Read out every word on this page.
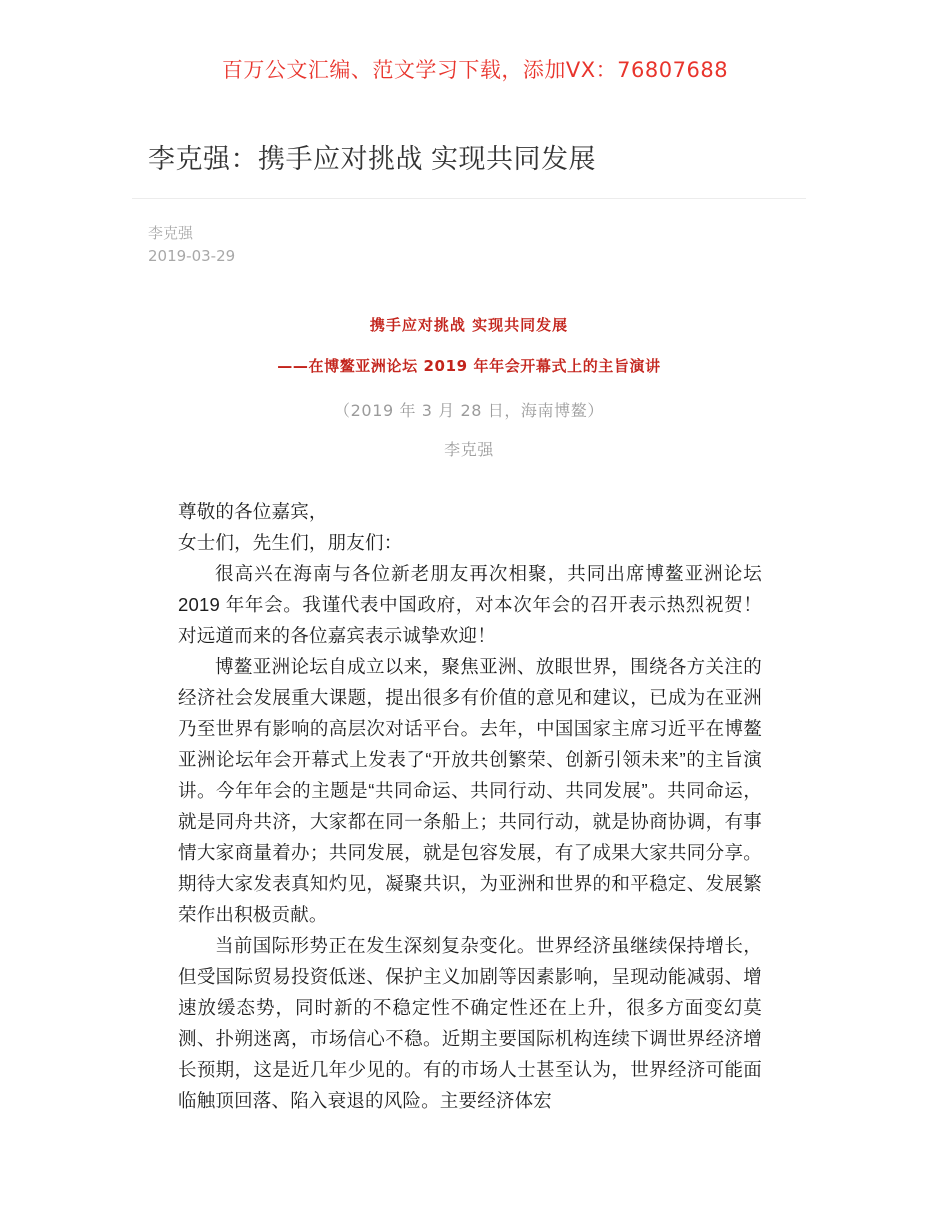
百万公文汇编、范文学习下载，添加VX：76807688
李克强：携手应对挑战 实现共同发展
李克强
2019-03-29
携手应对挑战 实现共同发展
——在博鳌亚洲论坛 2019 年年会开幕式上的主旨演讲
（2019 年 3 月 28 日，海南博鳌）
李克强

尊敬的各位嘉宾，

女士们，先生们，朋友们：

很高兴在海南与各位新老朋友再次相聚，共同出席博鳌亚洲论坛 2019 年年会。我谨代表中国政府，对本次年会的召开表示热烈祝贺！对远道而来的各位嘉宾表示诚挚欢迎！

博鳌亚洲论坛自成立以来，聚焦亚洲、放眼世界，围绕各方关注的经济社会发展重大课题，提出很多有价值的意见和建议，已成为在亚洲乃至世界有影响的高层次对话平台。去年，中国国家主席习近平在博鳌亚洲论坛年会开幕式上发表了“开放共创繁荣、创新引领未来”的主旨演讲。今年年会的主题是“共同命运、共同行动、共同发展”。共同命运，就是同舟共济，大家都在同一条船上；共同行动，就是协商协调，有事情大家商量着办；共同发展，就是包容发展，有了成果大家共同分享。期待大家发表真知灼见，凝聚共识，为亚洲和世界的和平稳定、发展繁荣作出积极贡献。

当前国际形势正在发生深刻复杂变化。世界经济虽继续保持增长，但受国际贸易投资低迷、保护主义加剧等因素影响，呈现动能减弱、增速放缓态势，同时新的不稳定性不确定性还在上升，很多方面变幻莫测、扑朔迷离，市场信心不稳。近期主要国际机构连续下调世界经济增长预期，这是近几年少见的。有的市场人士甚至认为，世界经济可能面临触顶回落、陷入衰退的风险。主要经济体宏
